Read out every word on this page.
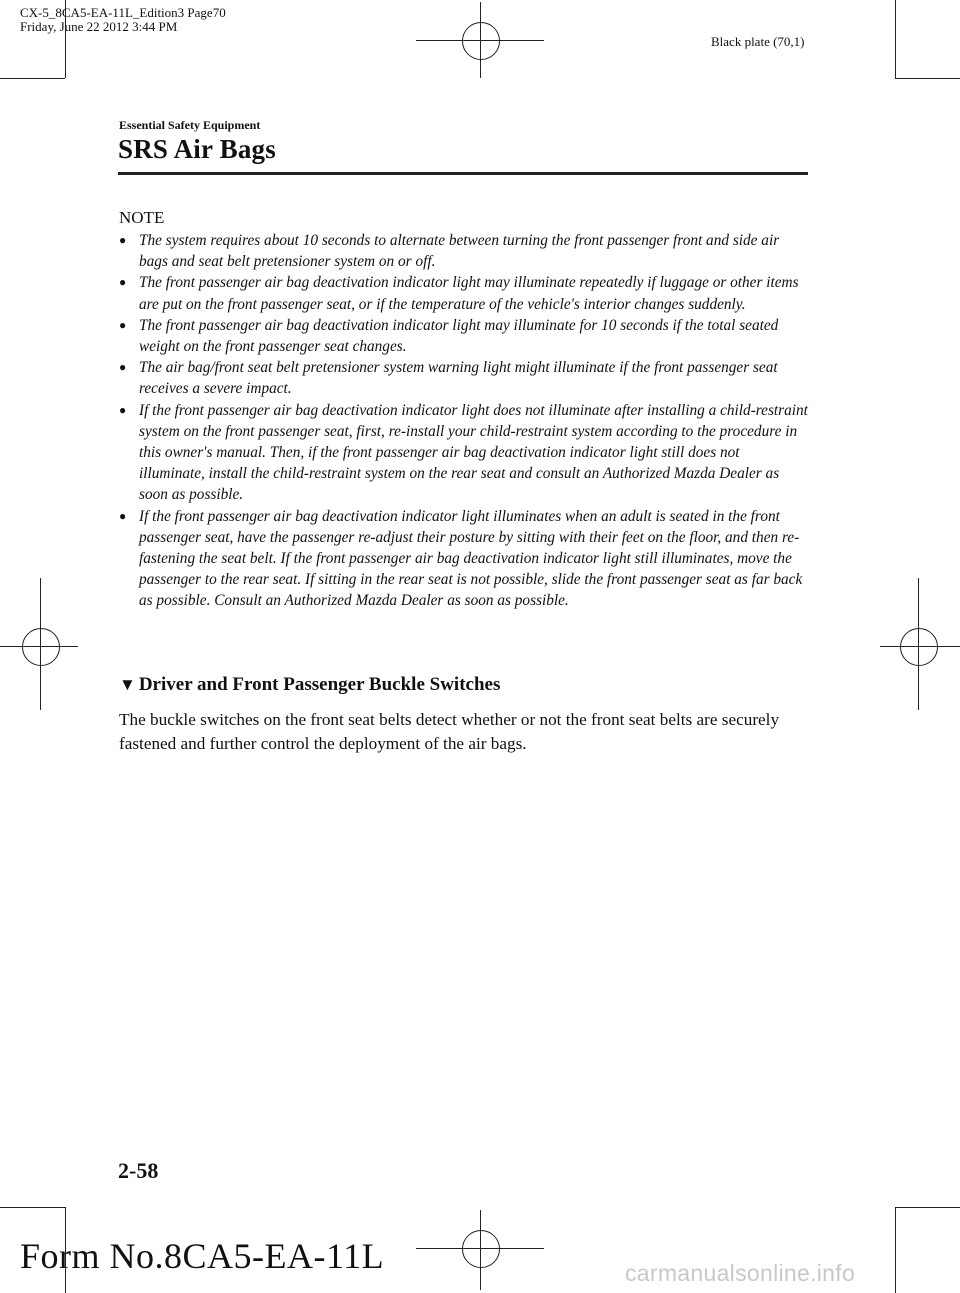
CX-5_8CA5-EA-11L_Edition3 Page70
Friday, June 22 2012 3:44 PM
Black plate (70,1)
Essential Safety Equipment
SRS Air Bags
NOTE
● The system requires about 10 seconds to alternate between turning the front passenger front and side air bags and seat belt pretensioner system on or off.
● The front passenger air bag deactivation indicator light may illuminate repeatedly if luggage or other items are put on the front passenger seat, or if the temperature of the vehicle's interior changes suddenly.
● The front passenger air bag deactivation indicator light may illuminate for 10 seconds if the total seated weight on the front passenger seat changes.
● The air bag/front seat belt pretensioner system warning light might illuminate if the front passenger seat receives a severe impact.
● If the front passenger air bag deactivation indicator light does not illuminate after installing a child-restraint system on the front passenger seat, first, re-install your child-restraint system according to the procedure in this owner's manual. Then, if the front passenger air bag deactivation indicator light still does not illuminate, install the child-restraint system on the rear seat and consult an Authorized Mazda Dealer as soon as possible.
● If the front passenger air bag deactivation indicator light illuminates when an adult is seated in the front passenger seat, have the passenger re-adjust their posture by sitting with their feet on the floor, and then re-fastening the seat belt. If the front passenger air bag deactivation indicator light still illuminates, move the passenger to the rear seat. If sitting in the rear seat is not possible, slide the front passenger seat as far back as possible. Consult an Authorized Mazda Dealer as soon as possible.
▼ Driver and Front Passenger Buckle Switches
The buckle switches on the front seat belts detect whether or not the front seat belts are securely fastened and further control the deployment of the air bags.
2-58
Form No.8CA5-EA-11L	carmanualsonline.info
